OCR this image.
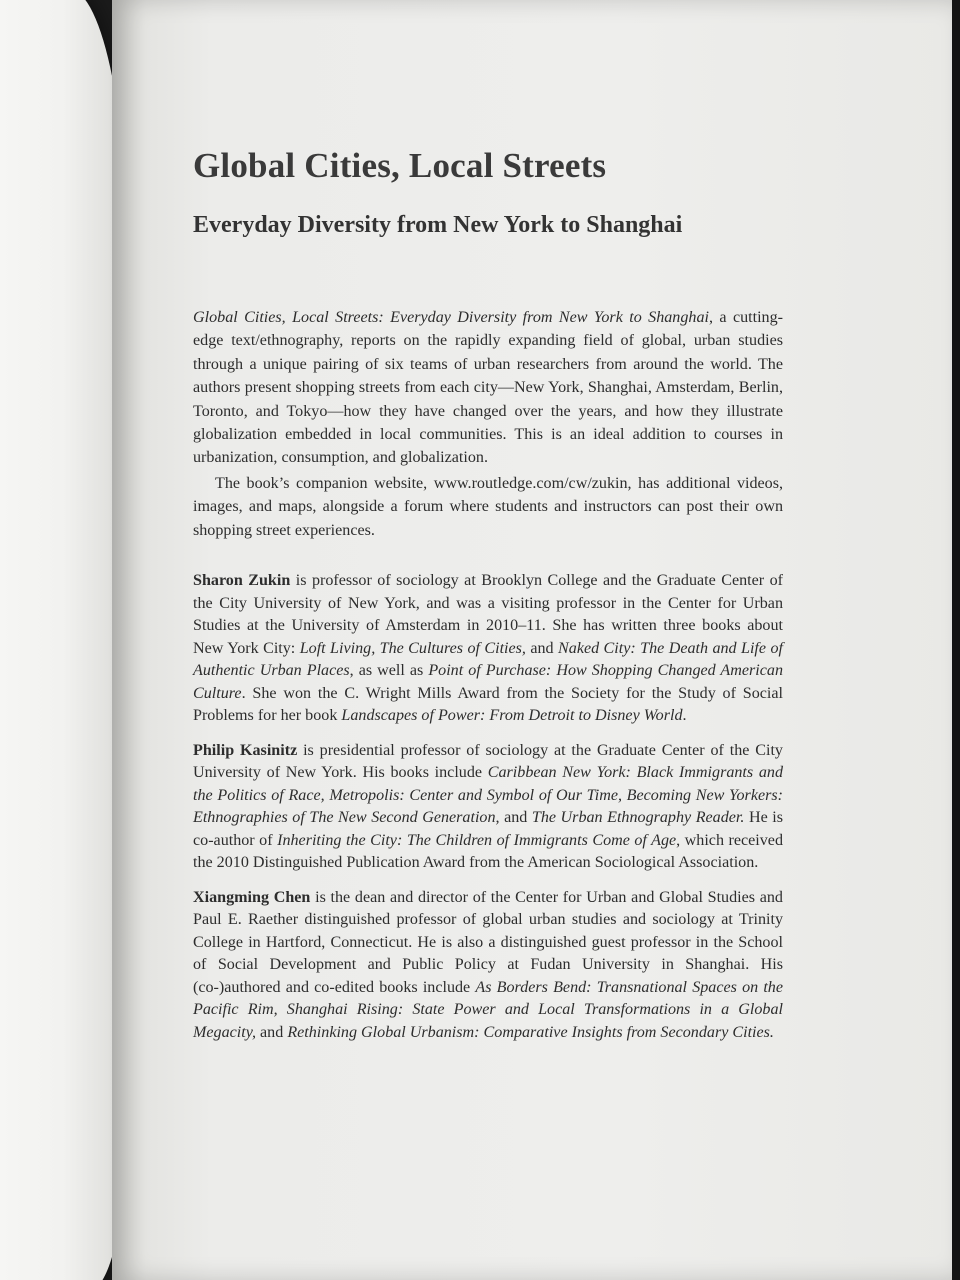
Global Cities, Local Streets
Everyday Diversity from New York to Shanghai

Global Cities, Local Streets: Everyday Diversity from New York to Shanghai, a cutting-edge text/ethnography, reports on the rapidly expanding field of global, urban studies through a unique pairing of six teams of urban researchers from around the world. The authors present shopping streets from each city—New York, Shanghai, Amsterdam, Berlin, Toronto, and Tokyo—how they have changed over the years, and how they illustrate globalization embedded in local communities. This is an ideal addition to courses in urbanization, consumption, and globalization.

The book’s companion website, www.routledge.com/cw/zukin, has additional videos, images, and maps, alongside a forum where students and instructors can post their own shopping street experiences.

Sharon Zukin is professor of sociology at Brooklyn College and the Graduate Center of the City University of New York, and was a visiting professor in the Center for Urban Studies at the University of Amsterdam in 2010–11. She has written three books about New York City: Loft Living, The Cultures of Cities, and Naked City: The Death and Life of Authentic Urban Places, as well as Point of Purchase: How Shopping Changed American Culture. She won the C. Wright Mills Award from the Society for the Study of Social Problems for her book Landscapes of Power: From Detroit to Disney World.

Philip Kasinitz is presidential professor of sociology at the Graduate Center of the City University of New York. His books include Caribbean New York: Black Immigrants and the Politics of Race, Metropolis: Center and Symbol of Our Time, Becoming New Yorkers: Ethnographies of The New Second Generation, and The Urban Ethnography Reader. He is co-author of Inheriting the City: The Children of Immigrants Come of Age, which received the 2010 Distinguished Publication Award from the American Sociological Association.

Xiangming Chen is the dean and director of the Center for Urban and Global Studies and Paul E. Raether distinguished professor of global urban studies and sociology at Trinity College in Hartford, Connecticut. He is also a distinguished guest professor in the School of Social Development and Public Policy at Fudan University in Shanghai. His (co-)authored and co-edited books include As Borders Bend: Transnational Spaces on the Pacific Rim, Shanghai Rising: State Power and Local Transformations in a Global Megacity, and Rethinking Global Urbanism: Comparative Insights from Secondary Cities.
